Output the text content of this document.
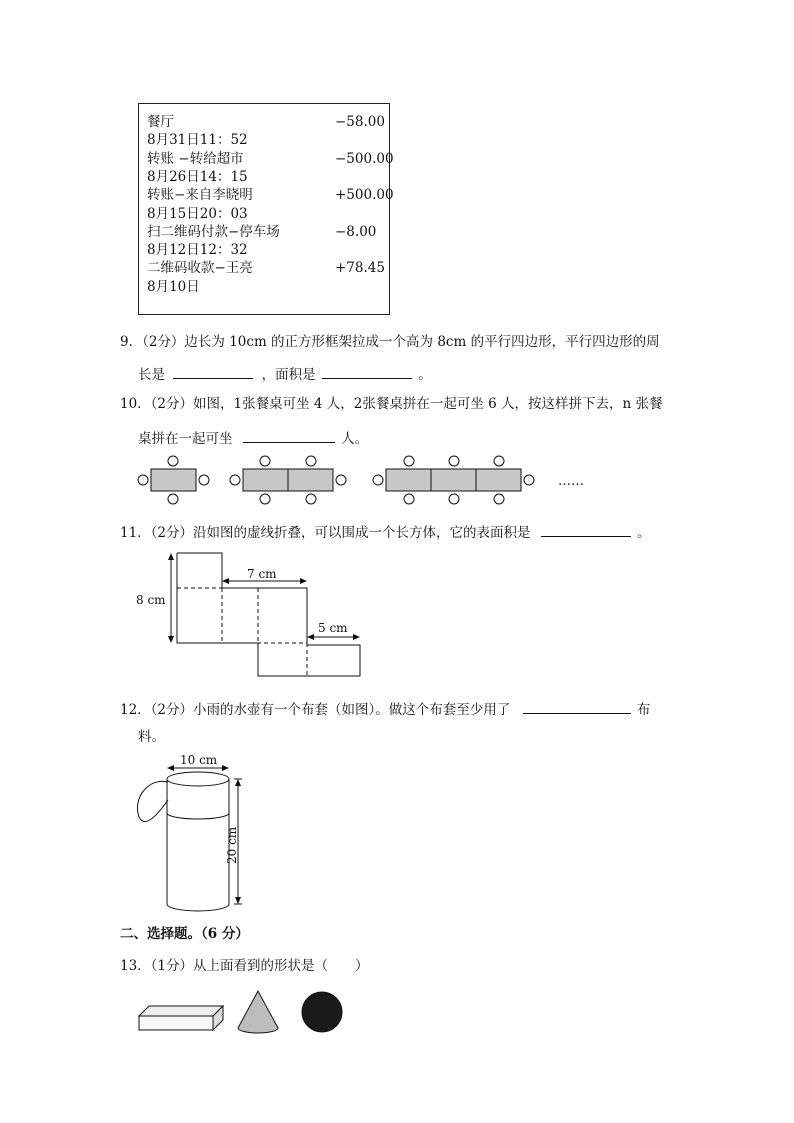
餐厅	−58.00
8月31日11：52
转账 −转给超市	−500.00
8月26日14：15
转账−来自李晓明	+500.00
8月15日20：03
扫二维码付款−停车场	−8.00
8月12日12：32
二维码收款−王亮	+78.45
8月10日
9．（2分）边长为 10cm 的正方形框架拉成一个高为 8cm 的平行四边形，平行四边形的周
长是	，面积是	。
10．（2分）如图，1张餐桌可坐 4 人，2张餐桌拼在一起可坐 6 人，按这样拼下去，n 张餐
桌拼在一起可坐	人。
……
11．（2分）沿如图的虚线折叠，可以围成一个长方体，它的表面积是	。
8 cm
7 cm
5 cm
12．（2分）小雨的水壶有一个布套（如图）。做这个布套至少用了	布
料。
10 cm
20 cm
二、选择题。（6 分）
13．（1分）从上面看到的形状是（　　）
